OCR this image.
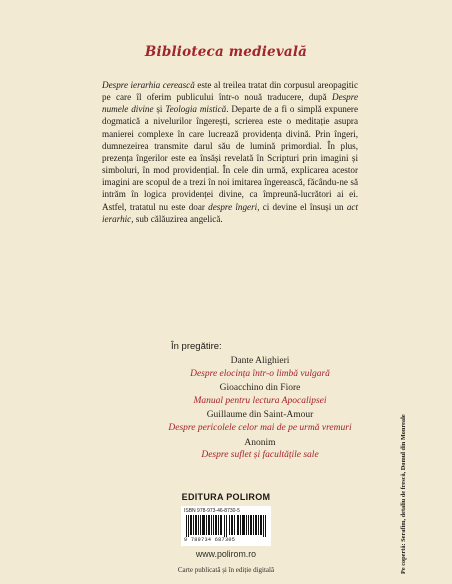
Biblioteca medievală

Despre ierarhia cerească este al treilea tratat din corpusul areopagitic pe care îl oferim publicului într-o nouă traducere, după Despre numele divine și Teologia mistică. Departe de a fi o simplă expunere dogmatică a nivelurilor îngerești, scrierea este o meditație asupra manierei complexe în care lucrează providența divină. Prin îngeri, dumnezeirea transmite darul său de lumină primordial. În plus, prezența îngerilor este ea însăși revelată în Scripturi prin imagini și simboluri, în mod providențial. În cele din urmă, explicarea acestor imagini are scopul de a trezi în noi imitarea îngerească, făcându-ne să intrăm în logica providenței divine, ca împreună-lucrători ai ei. Astfel, tratatul nu este doar despre îngeri, ci devine el însuși un act ierarhic, sub călăuzirea angelică.

În pregătire:
Dante Alighieri
Despre elocința într-o limbă vulgară
Gioacchino din Fiore
Manual pentru lectura Apocalipsei
Guillaume din Saint-Amour
Despre pericolele celor mai de pe urmă vremuri
Anonim
Despre suflet și facultățile sale
EDITURA POLIROM
ISBN 978-973-46-8730-5
9 789734 687305
www.polirom.ro
Carte publicată și în ediție digitală	Pe copertă: Serafim, detaliu de frescă, Domul din Monreale
